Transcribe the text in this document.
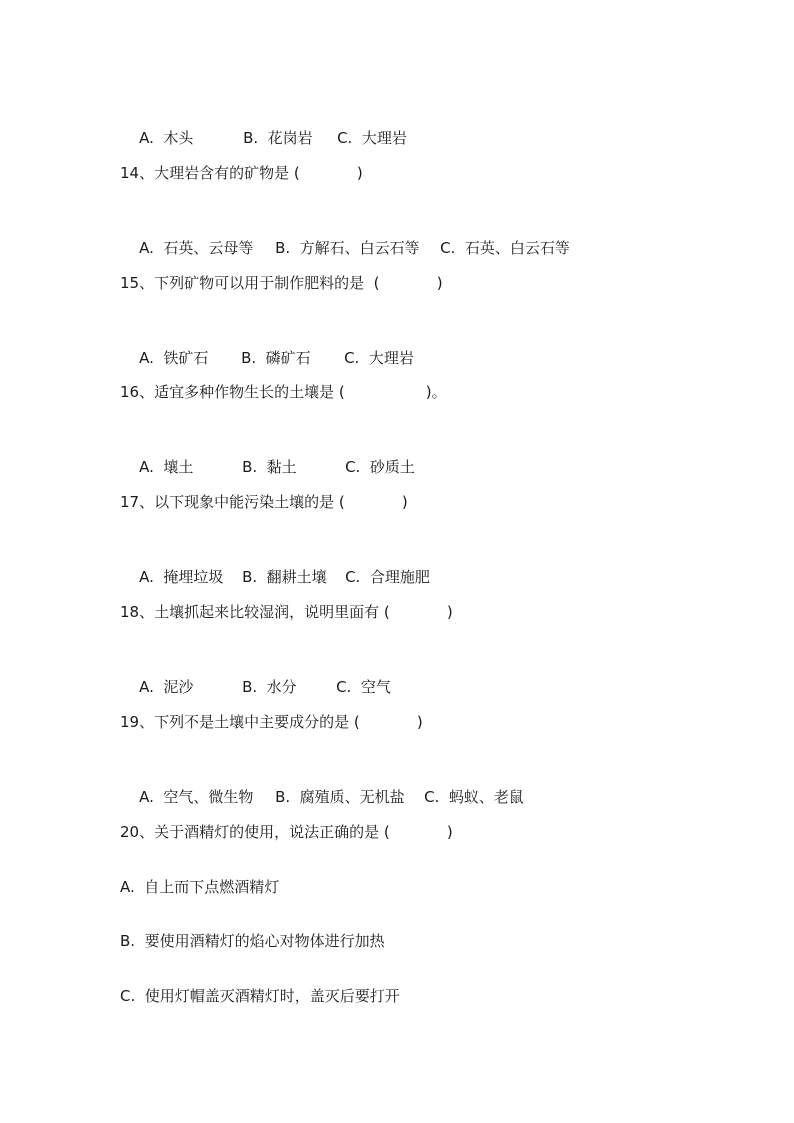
A.  木头	B.  花岗岩 C.  大理岩

14、大理岩含有的矿物是 (            )

A.  石英、云母等 B.  方解石、白云石等 C.  石英、白云石等

15、下列矿物可以用于制作肥料的是  (            )

A.  铁矿石 B.  磷矿石 C.  大理岩

16、适宜多种作物生长的土壤是 (                 )。

A.  壤土	B.  黏土	C.  砂质土

17、以下现象中能污染土壤的是 (            )

A.  掩埋垃圾 B.  翻耕土壤 C.  合理施肥

18、土壤抓起来比较湿润，说明里面有 (            )

A.  泥沙	B.  水分	C.  空气

19、下列不是土壤中主要成分的是 (            )

A.  空气、微生物 B.  腐殖质、无机盐 C.  蚂蚁、老鼠

20、关于酒精灯的使用，说法正确的是 (            )
A.  自上而下点燃酒精灯
B.  要使用酒精灯的焰心对物体进行加热
C.  使用灯帽盖灭酒精灯时，盖灭后要打开
